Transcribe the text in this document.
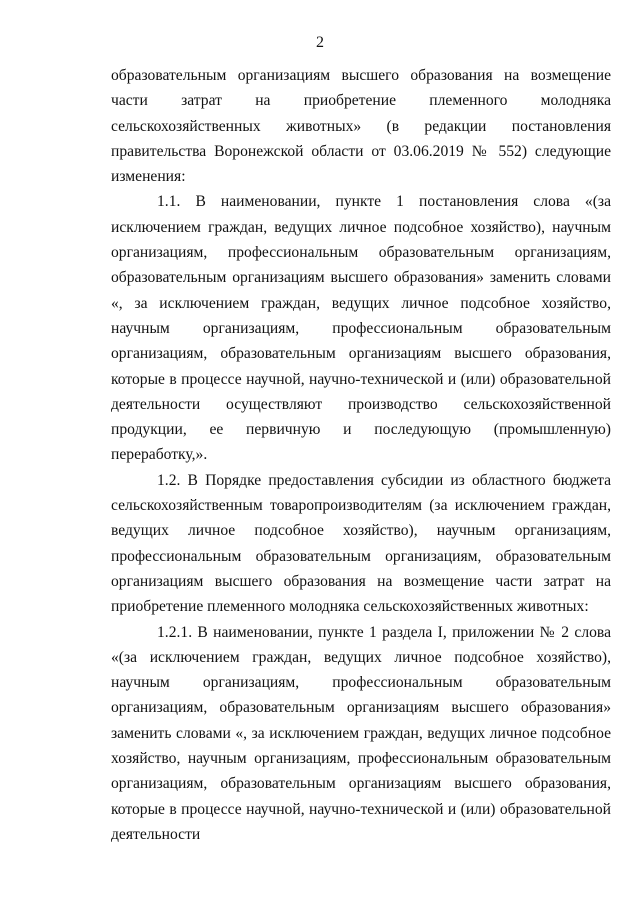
2

образовательным организациям высшего образования на возмещение части затрат на приобретение племенного молодняка сельскохозяйственных животных» (в редакции постановления правительства Воронежской области от 03.06.2019 № 552) следующие изменения:

1.1. В наименовании, пункте 1 постановления слова «(за исключением граждан, ведущих личное подсобное хозяйство), научным организациям, профессиональным образовательным организациям, образовательным организациям высшего образования» заменить словами «, за исключением граждан, ведущих личное подсобное хозяйство, научным организациям, профессиональным образовательным организациям, образовательным организациям высшего образования, которые в процессе научной, научно-технической и (или) образовательной деятельности осуществляют производство сельскохозяйственной продукции, ее первичную и последующую (промышленную) переработку,».

1.2. В Порядке предоставления субсидии из областного бюджета сельскохозяйственным товаропроизводителям (за исключением граждан, ведущих личное подсобное хозяйство), научным организациям, профессиональным образовательным организациям, образовательным организациям высшего образования на возмещение части затрат на приобретение племенного молодняка сельскохозяйственных животных:

1.2.1. В наименовании, пункте 1 раздела I, приложении № 2 слова «(за исключением граждан, ведущих личное подсобное хозяйство), научным организациям, профессиональным образовательным организациям, образовательным организациям высшего образования» заменить словами «, за исключением граждан, ведущих личное подсобное хозяйство, научным организациям, профессиональным образовательным организациям, образовательным организациям высшего образования, которые в процессе научной, научно-технической и (или) образовательной деятельности
